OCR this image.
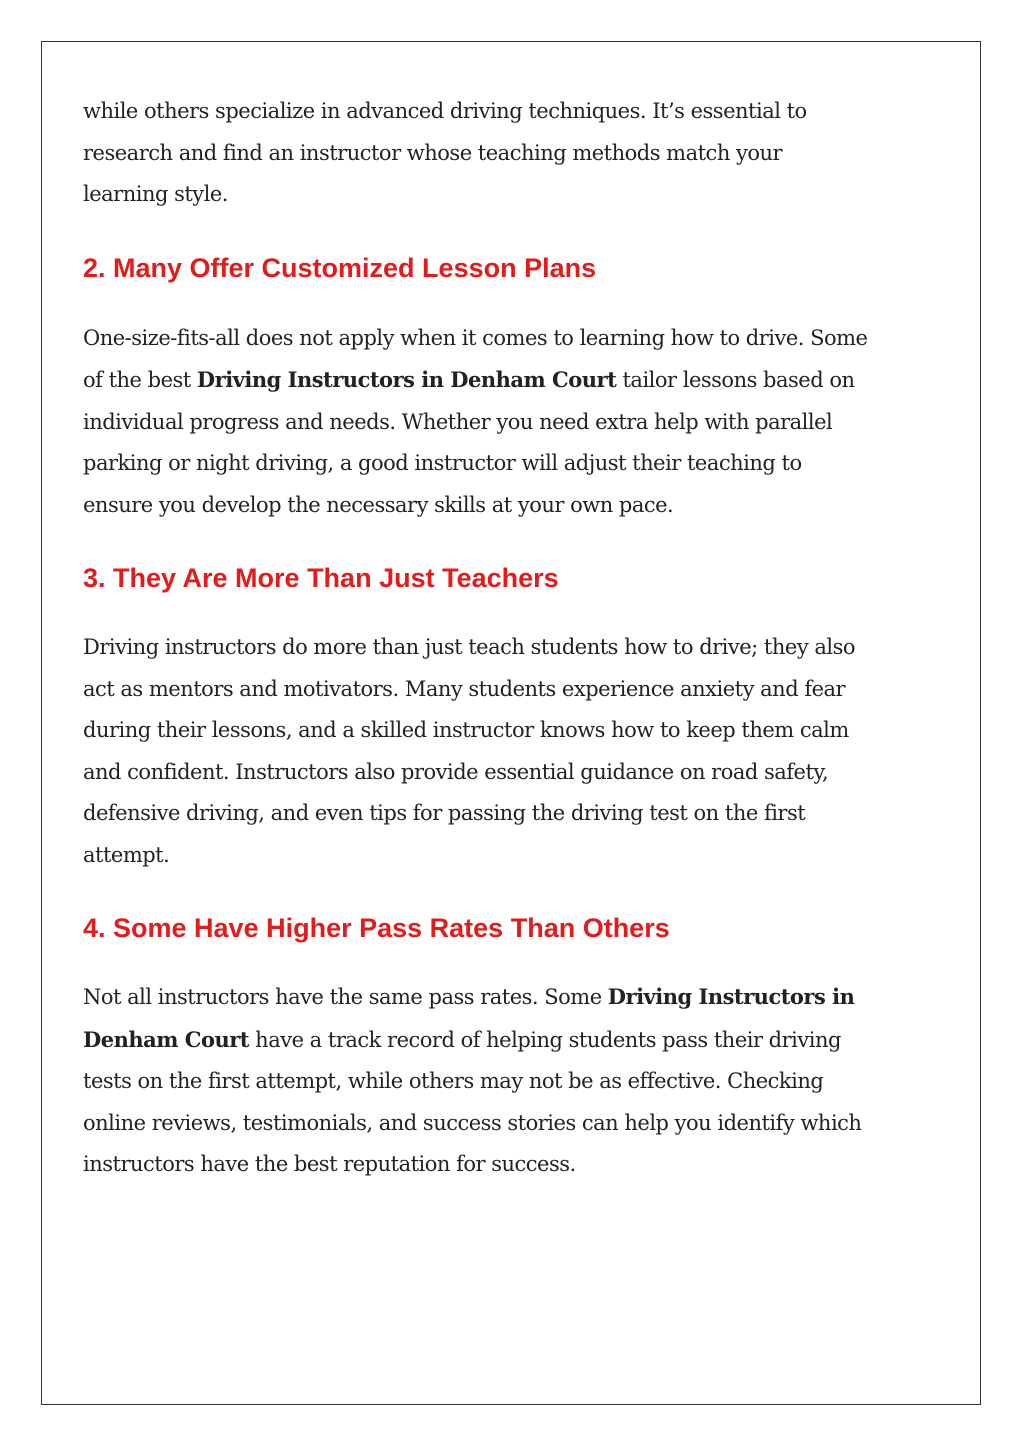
while others specialize in advanced driving techniques. It’s essential to research and find an instructor whose teaching methods match your learning style.

2. Many Offer Customized Lesson Plans

One-size-fits-all does not apply when it comes to learning how to drive. Some of the best Driving Instructors in Denham Court tailor lessons based on individual progress and needs. Whether you need extra help with parallel parking or night driving, a good instructor will adjust their teaching to ensure you develop the necessary skills at your own pace.

3. They Are More Than Just Teachers

Driving instructors do more than just teach students how to drive; they also act as mentors and motivators. Many students experience anxiety and fear during their lessons, and a skilled instructor knows how to keep them calm and confident. Instructors also provide essential guidance on road safety, defensive driving, and even tips for passing the driving test on the first attempt.

4. Some Have Higher Pass Rates Than Others

Not all instructors have the same pass rates. Some Driving Instructors in Denham Court have a track record of helping students pass their driving tests on the first attempt, while others may not be as effective. Checking online reviews, testimonials, and success stories can help you identify which instructors have the best reputation for success.
